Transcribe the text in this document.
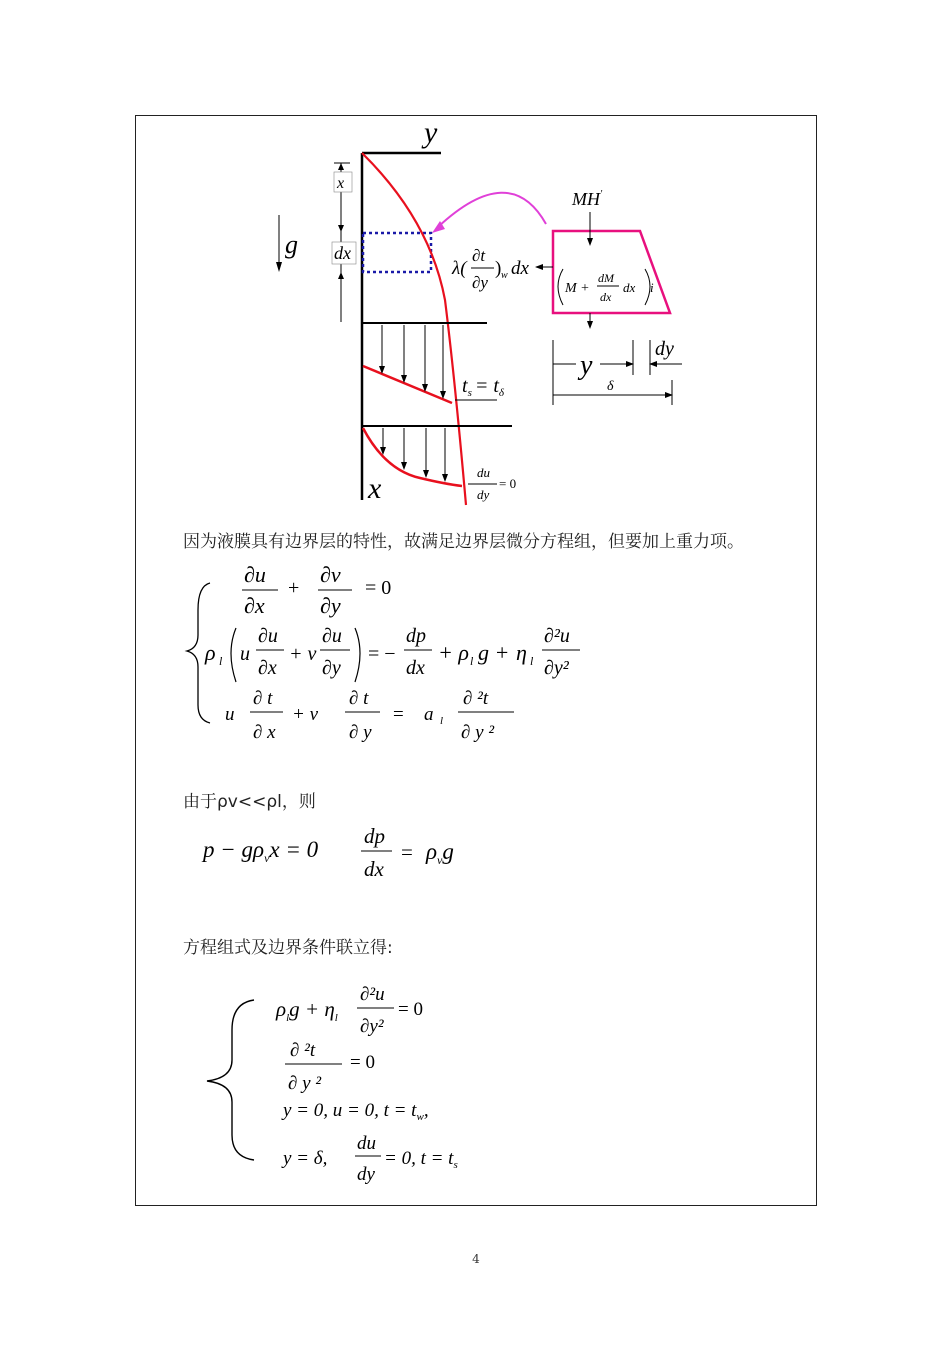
y
x
g
x
dx
$t_s = t_\delta$
du
dy
= 0
MH'
λ(
∂t
∂y
) w dx
M +
dM
dx
dx i
y
δ
dy
因为液膜具有边界层的特性，故满足边界层微分方程组，但要加上重力项。
∂u
∂x
+
∂v
∂y
= 0
ρ l u
∂u
∂x
+ v
∂u
∂y
= −
dp
dx
+ ρ l g + η l
∂²u
∂y²
u
∂ t
∂ x
+ v
∂ t
∂ y
= a l
∂ ²t
∂ y ²
由于ρv<<ρl，则
$p - g\rho_vx = 0$
dp
dx
= $\rho_vg$
方程组式及边界条件联立得:
$\rho_lg + \eta_l$
∂²u
∂y²
= 0
∂ ²t
∂ y ²
= 0
y = 0, u = 0, $t = t_w$,
y = δ,
du
dy
= 0, $t = t_s$
4
